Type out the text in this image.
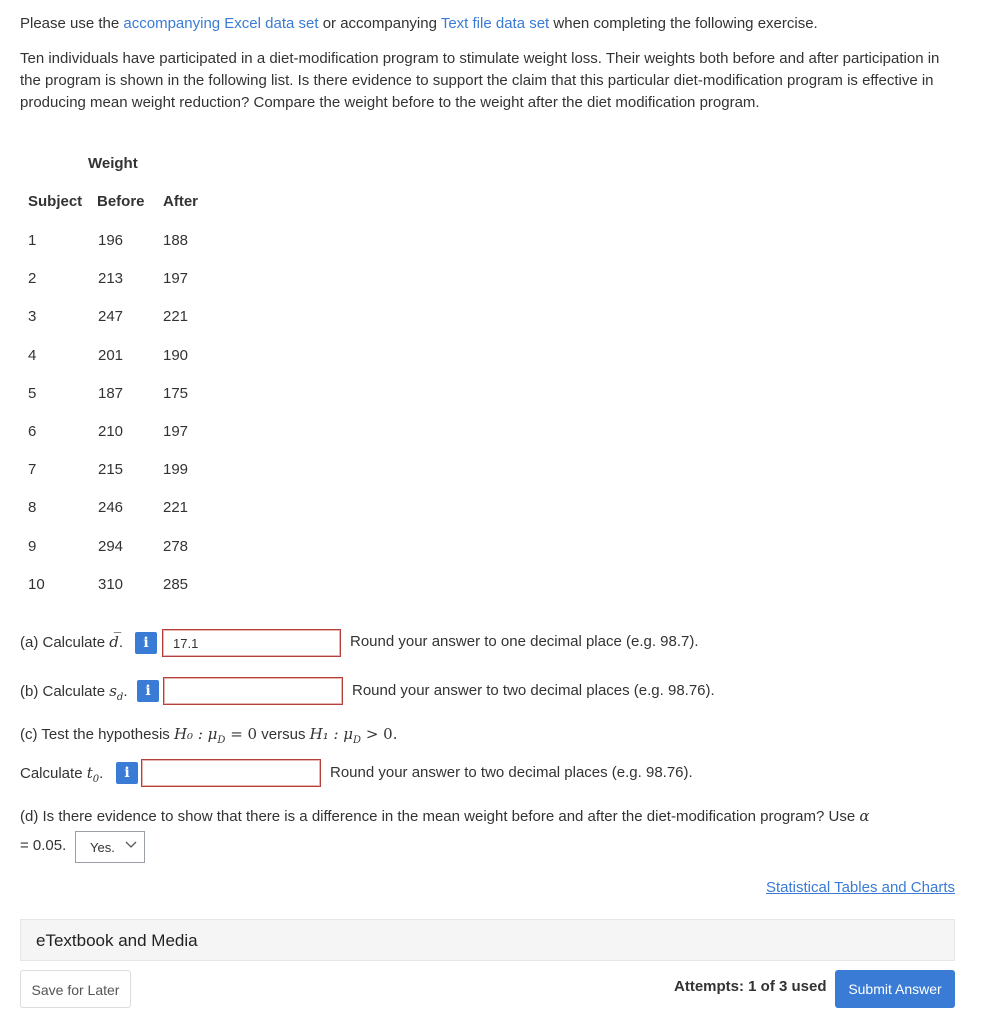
Please use the accompanying Excel data set or accompanying Text file data set when completing the following exercise.

Ten individuals have participated in a diet-modification program to stimulate weight loss. Their weights both before and after participation in the program is shown in the following list. Is there evidence to support the claim that this particular diet-modification program is effective in producing mean weight reduction? Compare the weight before to the weight after the diet modification program.

Weight
Subject Before After
1	196	188
2	213	197
3	247	221
4	201	190
5	187	175
6	210	197
7	215	199
8	246	221
9	294	278
10	310	285
(a) Calculate d̅.	i	17.1	Round your answer to one decimal place (e.g. 98.7).
(b) Calculate $s_d$.	i	Round your answer to two decimal places (e.g. 98.76).
(c) Test the hypothesis H₀ : $\mu_D = 0$ versus H₁ : $\mu_D > 0$.
Calculate $t_0$.	i	Round your answer to two decimal places (e.g. 98.76).
(d) Is there evidence to show that there is a difference in the mean weight before and after the diet-modification program? Use α
= 0.05.	Yes.
Statistical Tables and Charts
eTextbook and Media
Save for Later	Attempts: 1 of 3 used	Submit Answer
